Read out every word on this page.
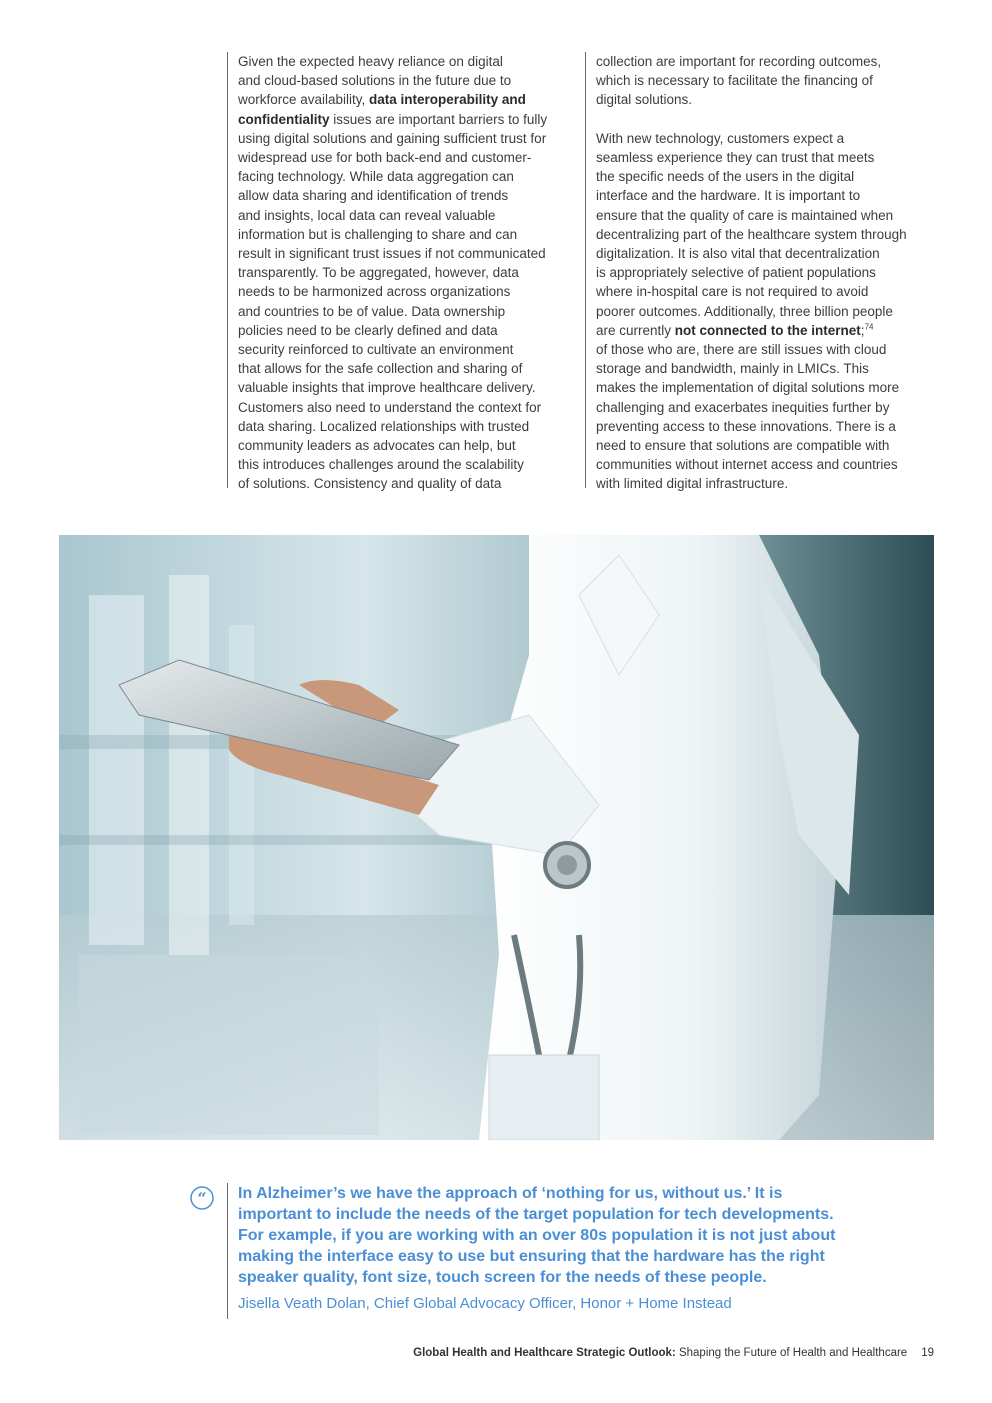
Given the expected heavy reliance on digital
and cloud-based solutions in the future due to
workforce availability, data interoperability and
confidentiality issues are important barriers to fully
using digital solutions and gaining sufficient trust for
widespread use for both back-end and customer-
facing technology. While data aggregation can
allow data sharing and identification of trends
and insights, local data can reveal valuable
information but is challenging to share and can
result in significant trust issues if not communicated
transparently. To be aggregated, however, data
needs to be harmonized across organizations
and countries to be of value. Data ownership
policies need to be clearly defined and data
security reinforced to cultivate an environment
that allows for the safe collection and sharing of
valuable insights that improve healthcare delivery.
Customers also need to understand the context for
data sharing. Localized relationships with trusted
community leaders as advocates can help, but
this introduces challenges around the scalability
of solutions. Consistency and quality of data
collection are important for recording outcomes,
which is necessary to facilitate the financing of
digital solutions.
With new technology, customers expect a
seamless experience they can trust that meets
the specific needs of the users in the digital
interface and the hardware. It is important to
ensure that the quality of care is maintained when
decentralizing part of the healthcare system through
digitalization. It is also vital that decentralization
is appropriately selective of patient populations
where in-hospital care is not required to avoid
poorer outcomes. Additionally, three billion people
are currently not connected to the internet;$^{74}$
of those who are, there are still issues with cloud
storage and bandwidth, mainly in LMICs. This
makes the implementation of digital solutions more
challenging and exacerbates inequities further by
preventing access to these innovations. There is a
need to ensure that solutions are compatible with
communities without internet access and countries
with limited digital infrastructure.
“ In Alzheimer’s we have the approach of ‘nothing for us, without us.’ It is
important to include the needs of the target population for tech developments.
For example, if you are working with an over 80s population it is not just about
making the interface easy to use but ensuring that the hardware has the right
speaker quality, font size, touch screen for the needs of these people.

Jisella Veath Dolan, Chief Global Advocacy Officer, Honor + Home Instead
Global Health and Healthcare Strategic Outlook: Shaping the Future of Health and Healthcare 19
